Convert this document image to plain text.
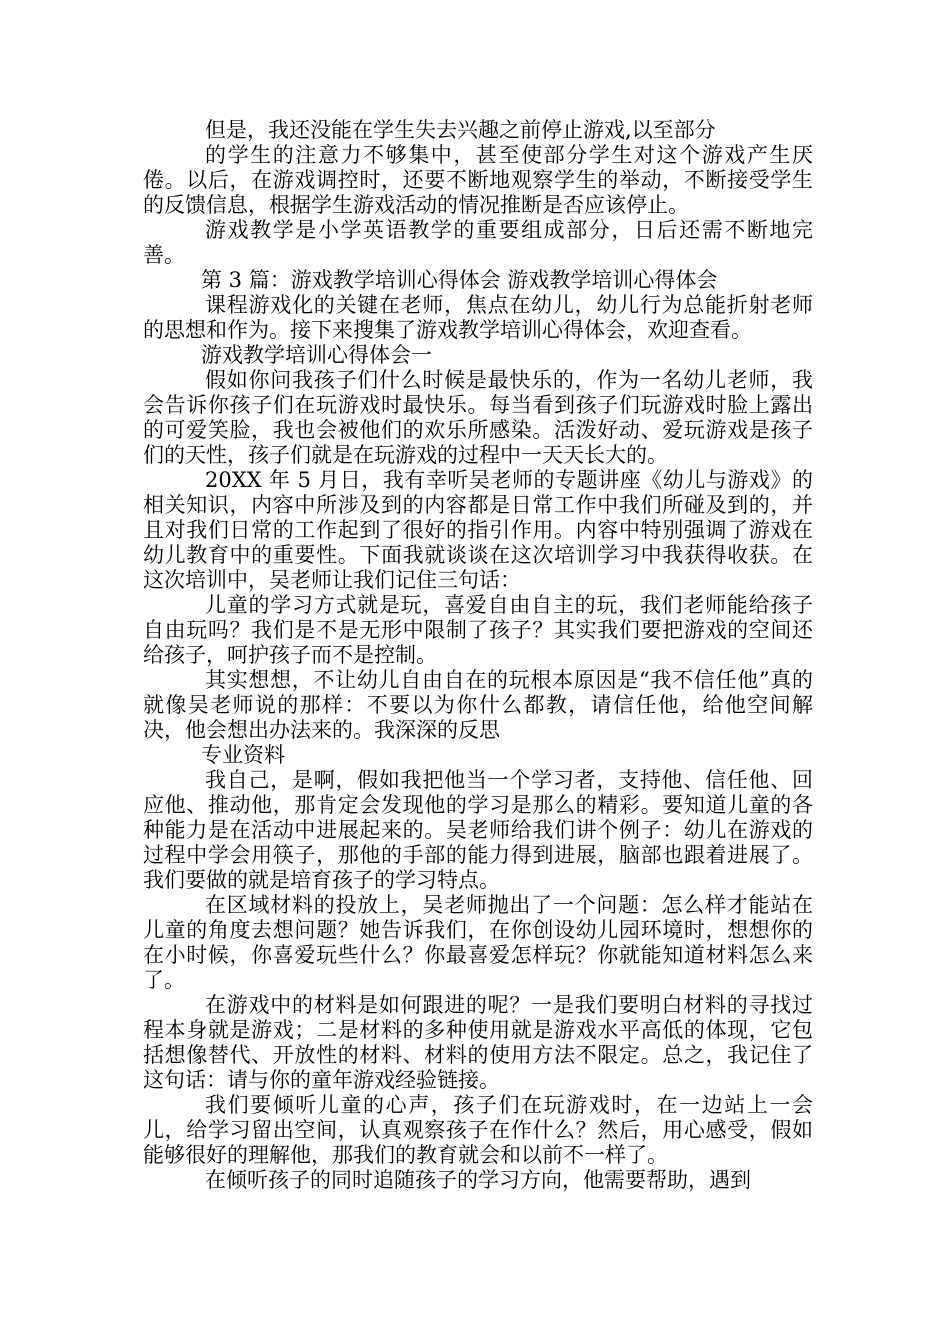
但是，我还没能在学生失去兴趣之前停止游戏,以至部分

的学生的注意力不够集中，甚至使部分学生对这个游戏产生厌倦。以后，在游戏调控时，还要不断地观察学生的举动，不断接受学生的反馈信息，根据学生游戏活动的情况推断是否应该停止。

游戏教学是小学英语教学的重要组成部分，日后还需不断地完善。

第 3 篇：游戏教学培训心得体会 游戏教学培训心得体会

课程游戏化的关键在老师，焦点在幼儿，幼儿行为总能折射老师的思想和作为。接下来搜集了游戏教学培训心得体会，欢迎查看。

游戏教学培训心得体会一

假如你问我孩子们什么时候是最快乐的，作为一名幼儿老师，我会告诉你孩子们在玩游戏时最快乐。每当看到孩子们玩游戏时脸上露出的可爱笑脸，我也会被他们的欢乐所感染。活泼好动、爱玩游戏是孩子们的天性，孩子们就是在玩游戏的过程中一天天长大的。

20XX 年 5 月日，我有幸听吴老师的专题讲座《幼儿与游戏》的相关知识，内容中所涉及到的内容都是日常工作中我们所碰及到的，并且对我们日常的工作起到了很好的指引作用。内容中特别强调了游戏在幼儿教育中的重要性。下面我就谈谈在这次培训学习中我获得收获。在这次培训中，吴老师让我们记住三句话：

儿童的学习方式就是玩，喜爱自由自主的玩，我们老师能给孩子自由玩吗？我们是不是无形中限制了孩子？其实我们要把游戏的空间还给孩子，呵护孩子而不是控制。

其实想想，不让幼儿自由自在的玩根本原因是“我不信任他”真的就像吴老师说的那样：不要以为你什么都教，请信任他，给他空间解决，他会想出办法来的。我深深的反思

专业资料

我自己，是啊，假如我把他当一个学习者，支持他、信任他、回应他、推动他，那肯定会发现他的学习是那么的精彩。要知道儿童的各种能力是在活动中进展起来的。吴老师给我们讲个例子：幼儿在游戏的过程中学会用筷子，那他的手部的能力得到进展，脑部也跟着进展了。我们要做的就是培育孩子的学习特点。

在区域材料的投放上，吴老师抛出了一个问题：怎么样才能站在儿童的角度去想问题？她告诉我们，在你创设幼儿园环境时，想想你的在小时候，你喜爱玩些什么？你最喜爱怎样玩？你就能知道材料怎么来了。

在游戏中的材料是如何跟进的呢？一是我们要明白材料的寻找过程本身就是游戏；二是材料的多种使用就是游戏水平高低的体现，它包括想像替代、开放性的材料、材料的使用方法不限定。总之，我记住了这句话：请与你的童年游戏经验链接。

我们要倾听儿童的心声，孩子们在玩游戏时，在一边站上一会儿，给学习留出空间，认真观察孩子在作什么？然后，用心感受，假如能够很好的理解他，那我们的教育就会和以前不一样了。

在倾听孩子的同时追随孩子的学习方向，他需要帮助，遇到
